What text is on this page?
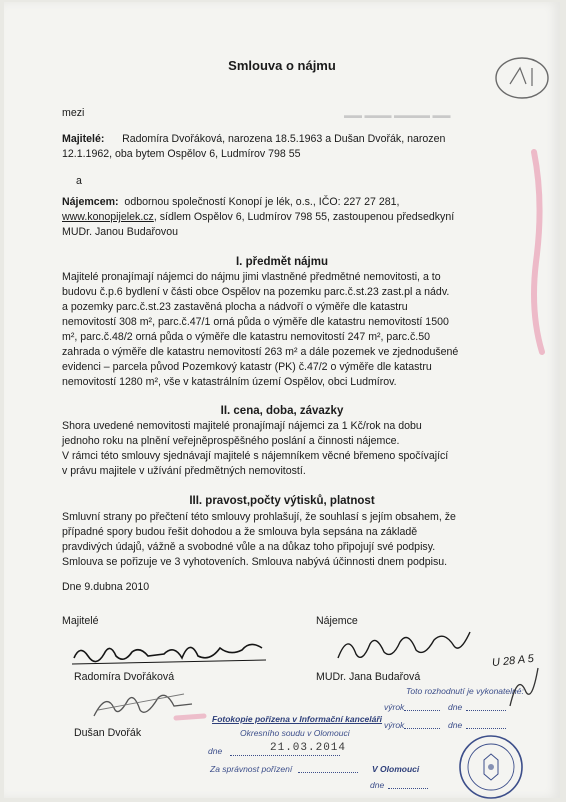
▬▬ ▬▬▬ ▬▬▬▬ ▬▬
Smlouva o nájmu
mezi
Majitelé: Radomíra Dvořáková, narozena 18.5.1963 a Dušan Dvořák, narozen
12.1.1962, oba bytem Ospělov 6, Ludmírov 798 55
a
Nájemcem: odbornou společností Konopí je lék, o.s., IČO: 227 27 281,
www.konopijelek.cz, sídlem Ospělov 6, Ludmírov 798 55, zastoupenou předsedkyní
MUDr. Janou Budařovou
I. předmět nájmu
Majitelé pronajímají nájemci do nájmu jimi vlastněné předmětné nemovitosti, a to
budovu č.p.6 bydlení v části obce Ospělov na pozemku parc.č.st.23 zast.pl a nádv.
a pozemky parc.č.st.23 zastavěná plocha a nádvoří o výměře dle katastru
nemovitostí 308 m², parc.č.47/1 orná půda o výměře dle katastru nemovitostí 1500
m², parc.č.48/2 orná půda o výměře dle katastru nemovitostí 247 m², parc.č.50
zahrada o výměře dle katastru nemovitostí 263 m² a dále pozemek ve zjednodušené
evidenci – parcela původ Pozemkový katastr (PK) č.47/2 o výměře dle katastru
nemovitostí 1280 m², vše v katastrálním území Ospělov, obci Ludmírov.
II. cena, doba, závazky
Shora uvedené nemovitosti majitelé pronajímají nájemci za 1 Kč/rok na dobu
jednoho roku na plnění veřejněprospěšného poslání a činnosti nájemce.
V rámci této smlouvy sjednávají majitelé s nájemníkem věcné břemeno spočívající
v právu majitele v užívání předmětných nemovitostí.
III. pravost,počty výtisků, platnost
Smluvní strany po přečtení této smlouvy prohlašují, že souhlasí s jejím obsahem, že
případné spory budou řešit dohodou a že smlouva byla sepsána na základě
pravdivých údajů, vážně a svobodné vůle a na důkaz toho připojují své podpisy.
Smlouva se pořizuje ve 3 vyhotoveních. Smlouva nabývá účinnosti dnem podpisu.
Dne 9.dubna 2010
Majitelé	Nájemce
Radomíra Dvořáková
Dušan Dvořák
MUDr. Jana Budařová
U 28 A 5
Toto rozhodnutí je vykonatelné:
výrok	dne
výrok	dne
V Olomouci
dne
Fotokopie pořízena v Informační kanceláři
Okresního soudu v Olomouci
dne	21.03.2014
Za správnost pořízení
